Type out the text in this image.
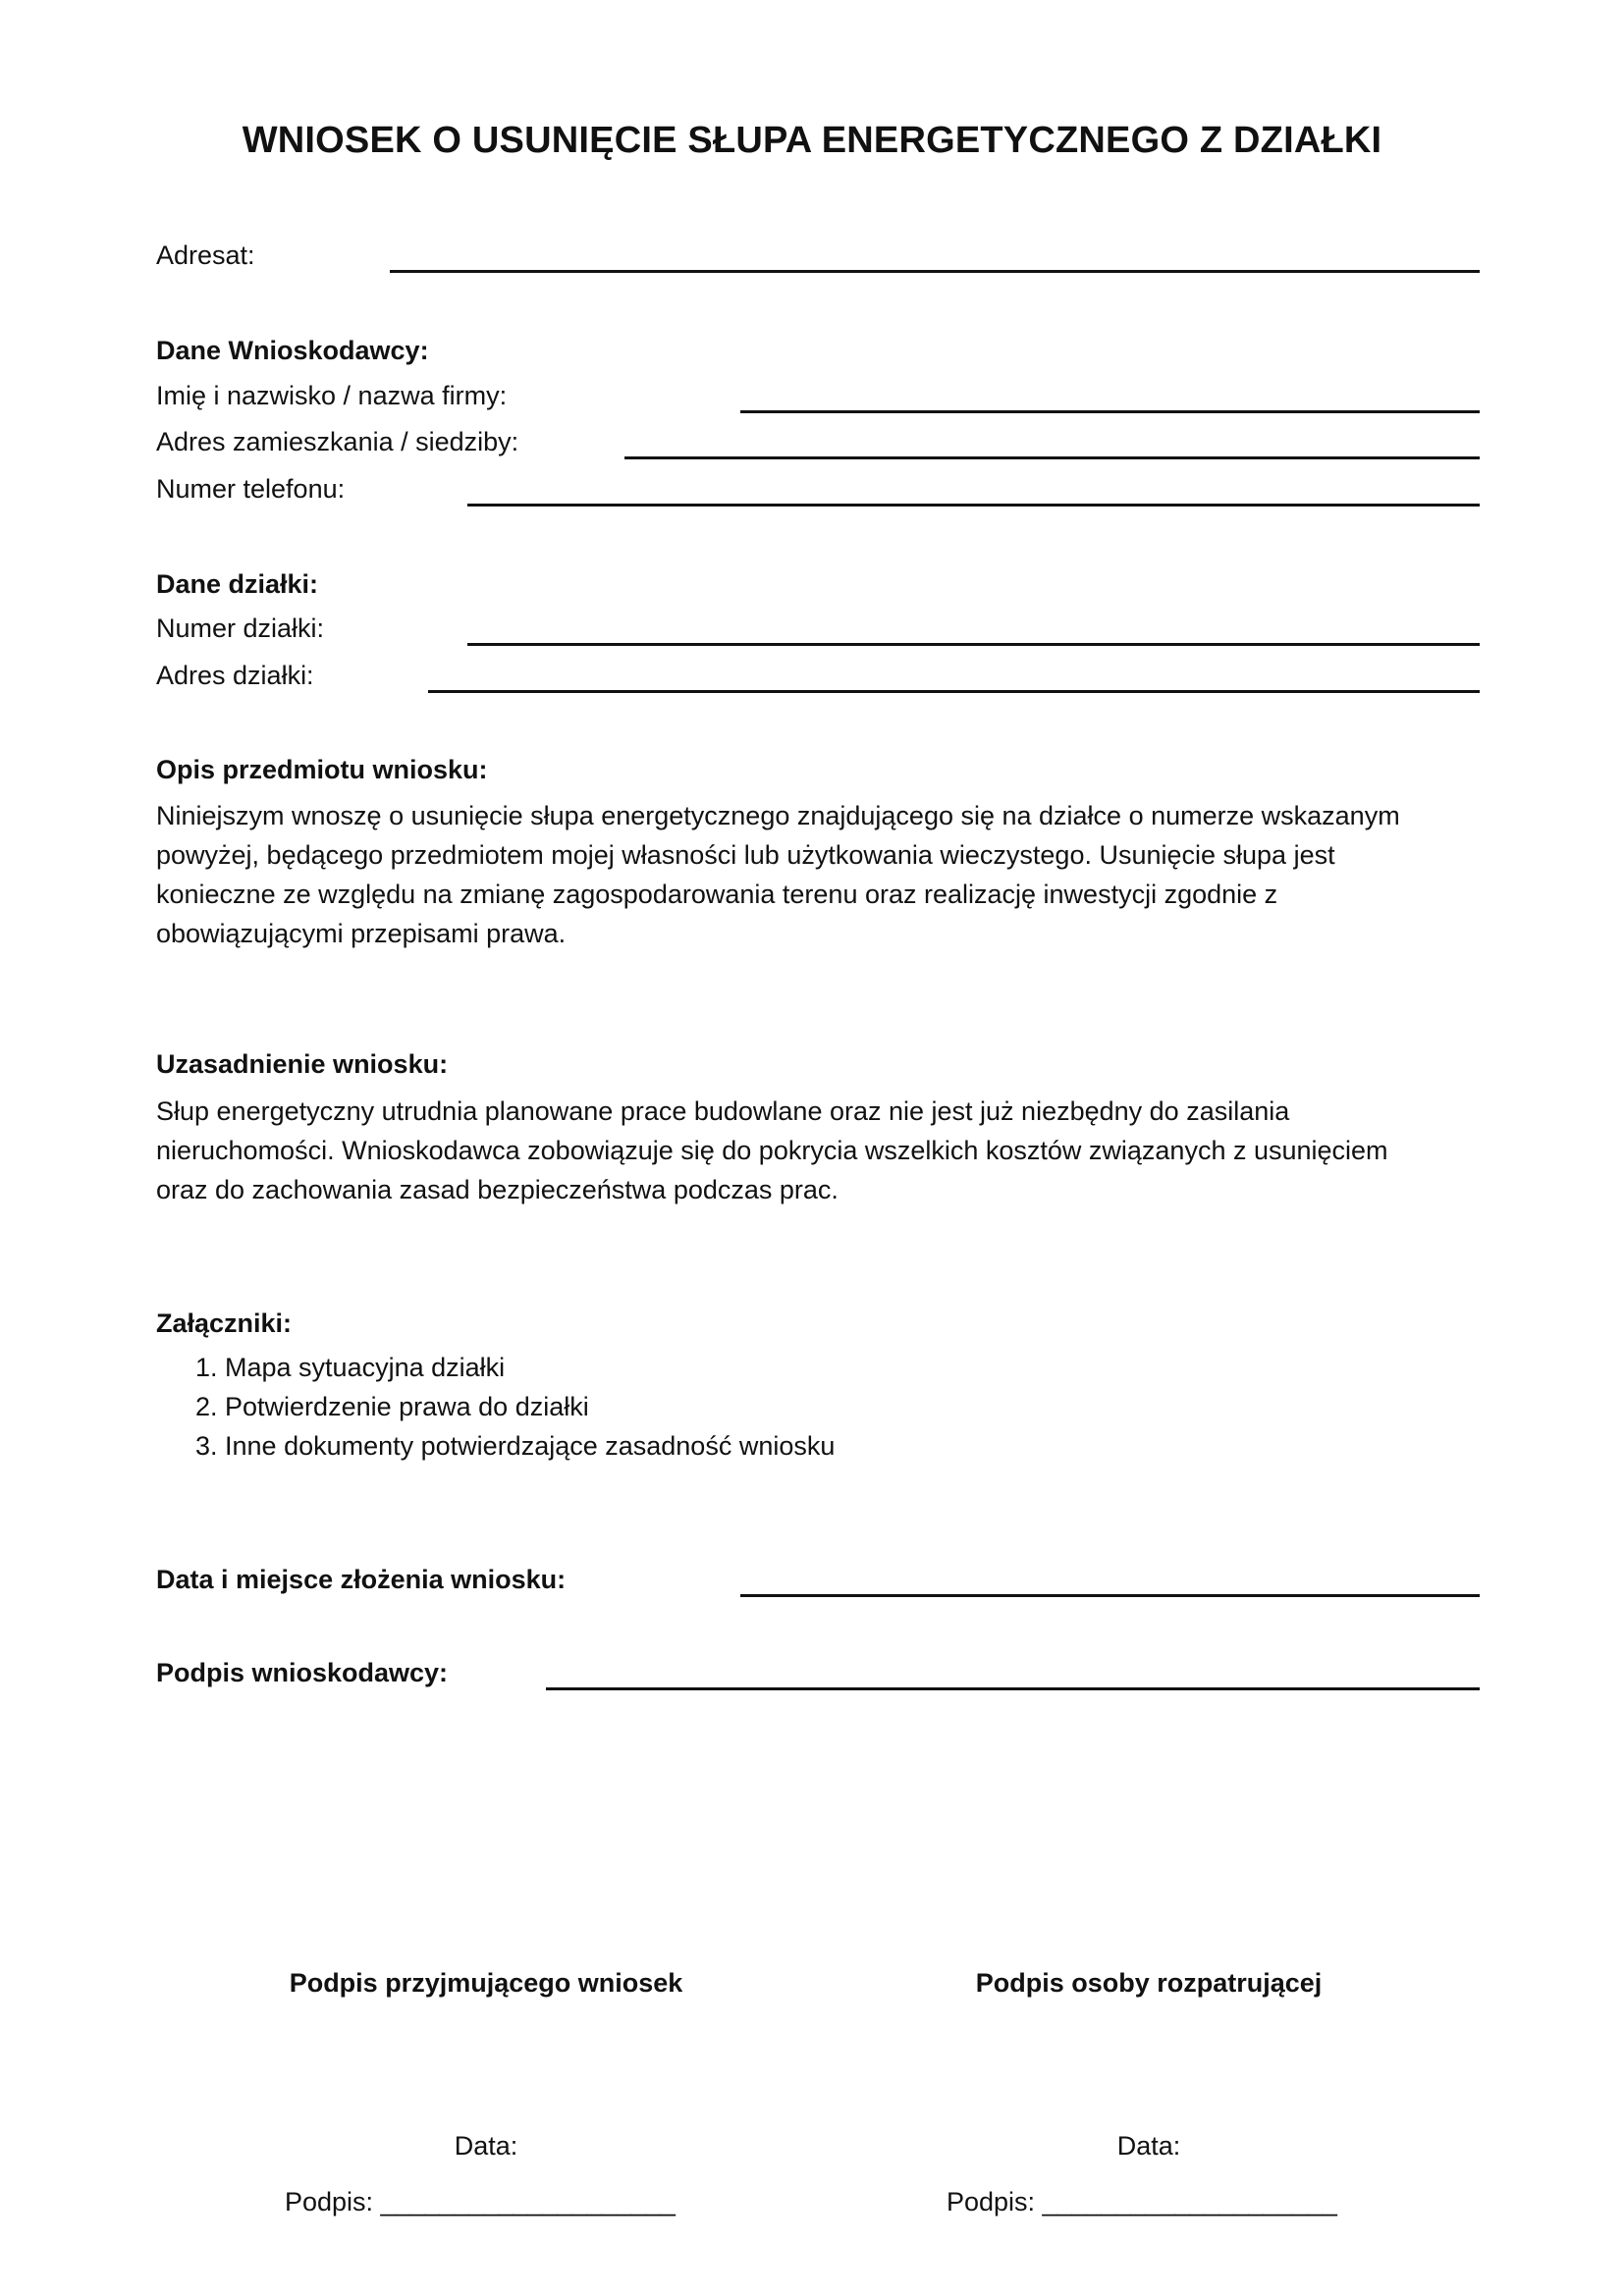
WNIOSEK O USUNIĘCIE SŁUPA ENERGETYCZNEGO Z DZIAŁKI
Adresat:
Dane Wnioskodawcy:
Imię i nazwisko / nazwa firmy:
Adres zamieszkania / siedziby:
Numer telefonu:
Dane działki:
Numer działki:
Adres działki:
Opis przedmiotu wniosku:
Niniejszym wnoszę o usunięcie słupa energetycznego znajdującego się na działce o numerze wskazanym
powyżej, będącego przedmiotem mojej własności lub użytkowania wieczystego. Usunięcie słupa jest
konieczne ze względu na zmianę zagospodarowania terenu oraz realizację inwestycji zgodnie z
obowiązującymi przepisami prawa.
Uzasadnienie wniosku:
Słup energetyczny utrudnia planowane prace budowlane oraz nie jest już niezbędny do zasilania
nieruchomości. Wnioskodawca zobowiązuje się do pokrycia wszelkich kosztów związanych z usunięciem
oraz do zachowania zasad bezpieczeństwa podczas prac.
Załączniki:
1. Mapa sytuacyjna działki
2. Potwierdzenie prawa do działki
3. Inne dokumenty potwierdzające zasadność wniosku
Data i miejsce złożenia wniosku:
Podpis wnioskodawcy:
Podpis przyjmującego wniosek	Podpis osoby rozpatrującej
Data:	Data:
Podpis: ____________________	Podpis: ____________________
